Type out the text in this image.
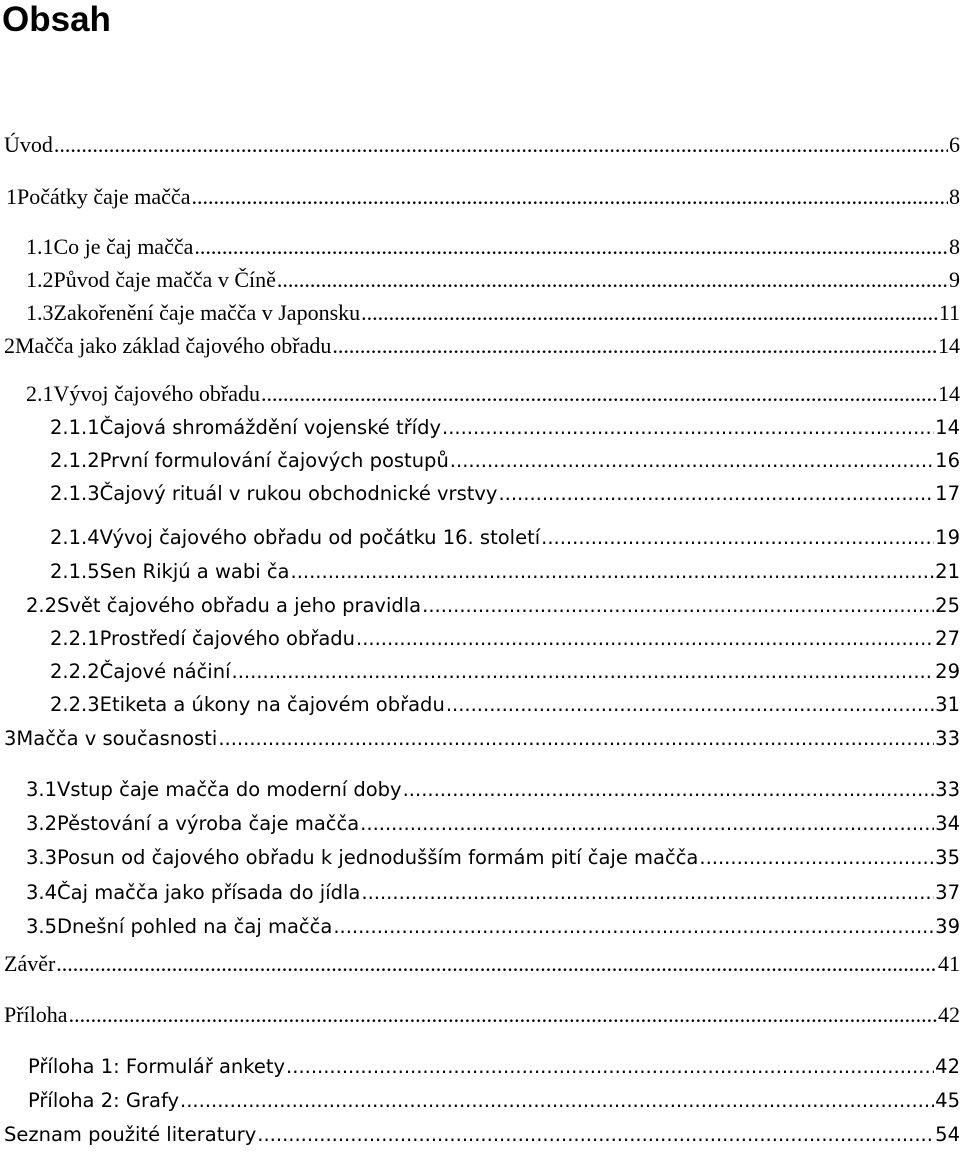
Obsah
Úvod .....	6
1 Počátky čaje mačča .....	8
1.1 Co je čaj mačča .....	8
1.2 Původ čaje mačča v Číně .....	9
1.3 Zakořenění čaje mačča v Japonsku .....	11
2 Mačča jako základ čajového obřadu .....	14
2.1 Vývoj čajového obřadu .....	14
2.1.1 Čajová shromáždění vojenské třídy .....	14
2.1.2 První formulování čajových postupů .....	16
2.1.3 Čajový rituál v rukou obchodnické vrstvy .....	17
2.1.4 Vývoj čajového obřadu od počátku 16. století .....	19
2.1.5 Sen Rikjú a wabi ča .....	21
2.2 Svět čajového obřadu a jeho pravidla .....	25
2.2.1 Prostředí čajového obřadu .....	27
2.2.2 Čajové náčiní .....	29
2.2.3 Etiketa a úkony na čajovém obřadu .....	31
3 Mačča v současnosti .....	33
3.1 Vstup čaje mačča do moderní doby .....	33
3.2 Pěstování a výroba čaje mačča .....	34
3.3 Posun od čajového obřadu k jednodušším formám pití čaje mačča .....	35
3.4 Čaj mačča jako přísada do jídla .....	37
3.5 Dnešní pohled na čaj mačča .....	39
Závěr .....	41
Příloha .....	42
Příloha 1: Formulář ankety .....	42
Příloha 2: Grafy .....	45
Seznam použité literatury .....	54
